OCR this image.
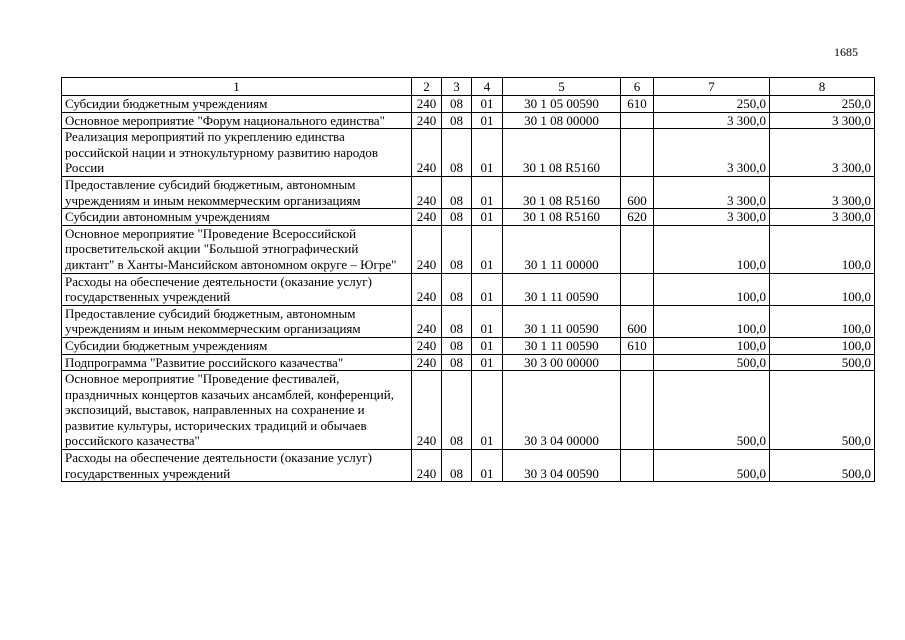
1685
1	2	3	4	5	6	7	8
Субсидии бюджетным учреждениям	240	08	01	30 1 05 00590	610	250,0	250,0
Основное мероприятие "Форум национального единства"	240	08	01	30 1 08 00000		3 300,0	3 300,0
Реализация мероприятий по укреплению единства российской нации и этнокультурному развитию народов России	240	08	01	30 1 08 R5160		3 300,0	3 300,0
Предоставление субсидий бюджетным, автономным учреждениям и иным некоммерческим организациям	240	08	01	30 1 08 R5160	600	3 300,0	3 300,0
Субсидии автономным учреждениям	240	08	01	30 1 08 R5160	620	3 300,0	3 300,0
Основное мероприятие "Проведение Всероссийской просветительской акции "Большой этнографический диктант" в Ханты-Мансийском автономном округе – Югре"	240	08	01	30 1 11 00000		100,0	100,0
Расходы на обеспечение деятельности (оказание услуг) государственных учреждений	240	08	01	30 1 11 00590		100,0	100,0
Предоставление субсидий бюджетным, автономным учреждениям и иным некоммерческим организациям	240	08	01	30 1 11 00590	600	100,0	100,0
Субсидии бюджетным учреждениям	240	08	01	30 1 11 00590	610	100,0	100,0
Подпрограмма "Развитие российского казачества"	240	08	01	30 3 00 00000		500,0	500,0
Основное мероприятие "Проведение фестивалей, праздничных концертов казачьих ансамблей, конференций, экспозиций, выставок, направленных на сохранение и развитие культуры, исторических традиций и обычаев российского казачества"	240	08	01	30 3 04 00000		500,0	500,0
Расходы на обеспечение деятельности (оказание услуг) государственных учреждений	240	08	01	30 3 04 00590		500,0	500,0
